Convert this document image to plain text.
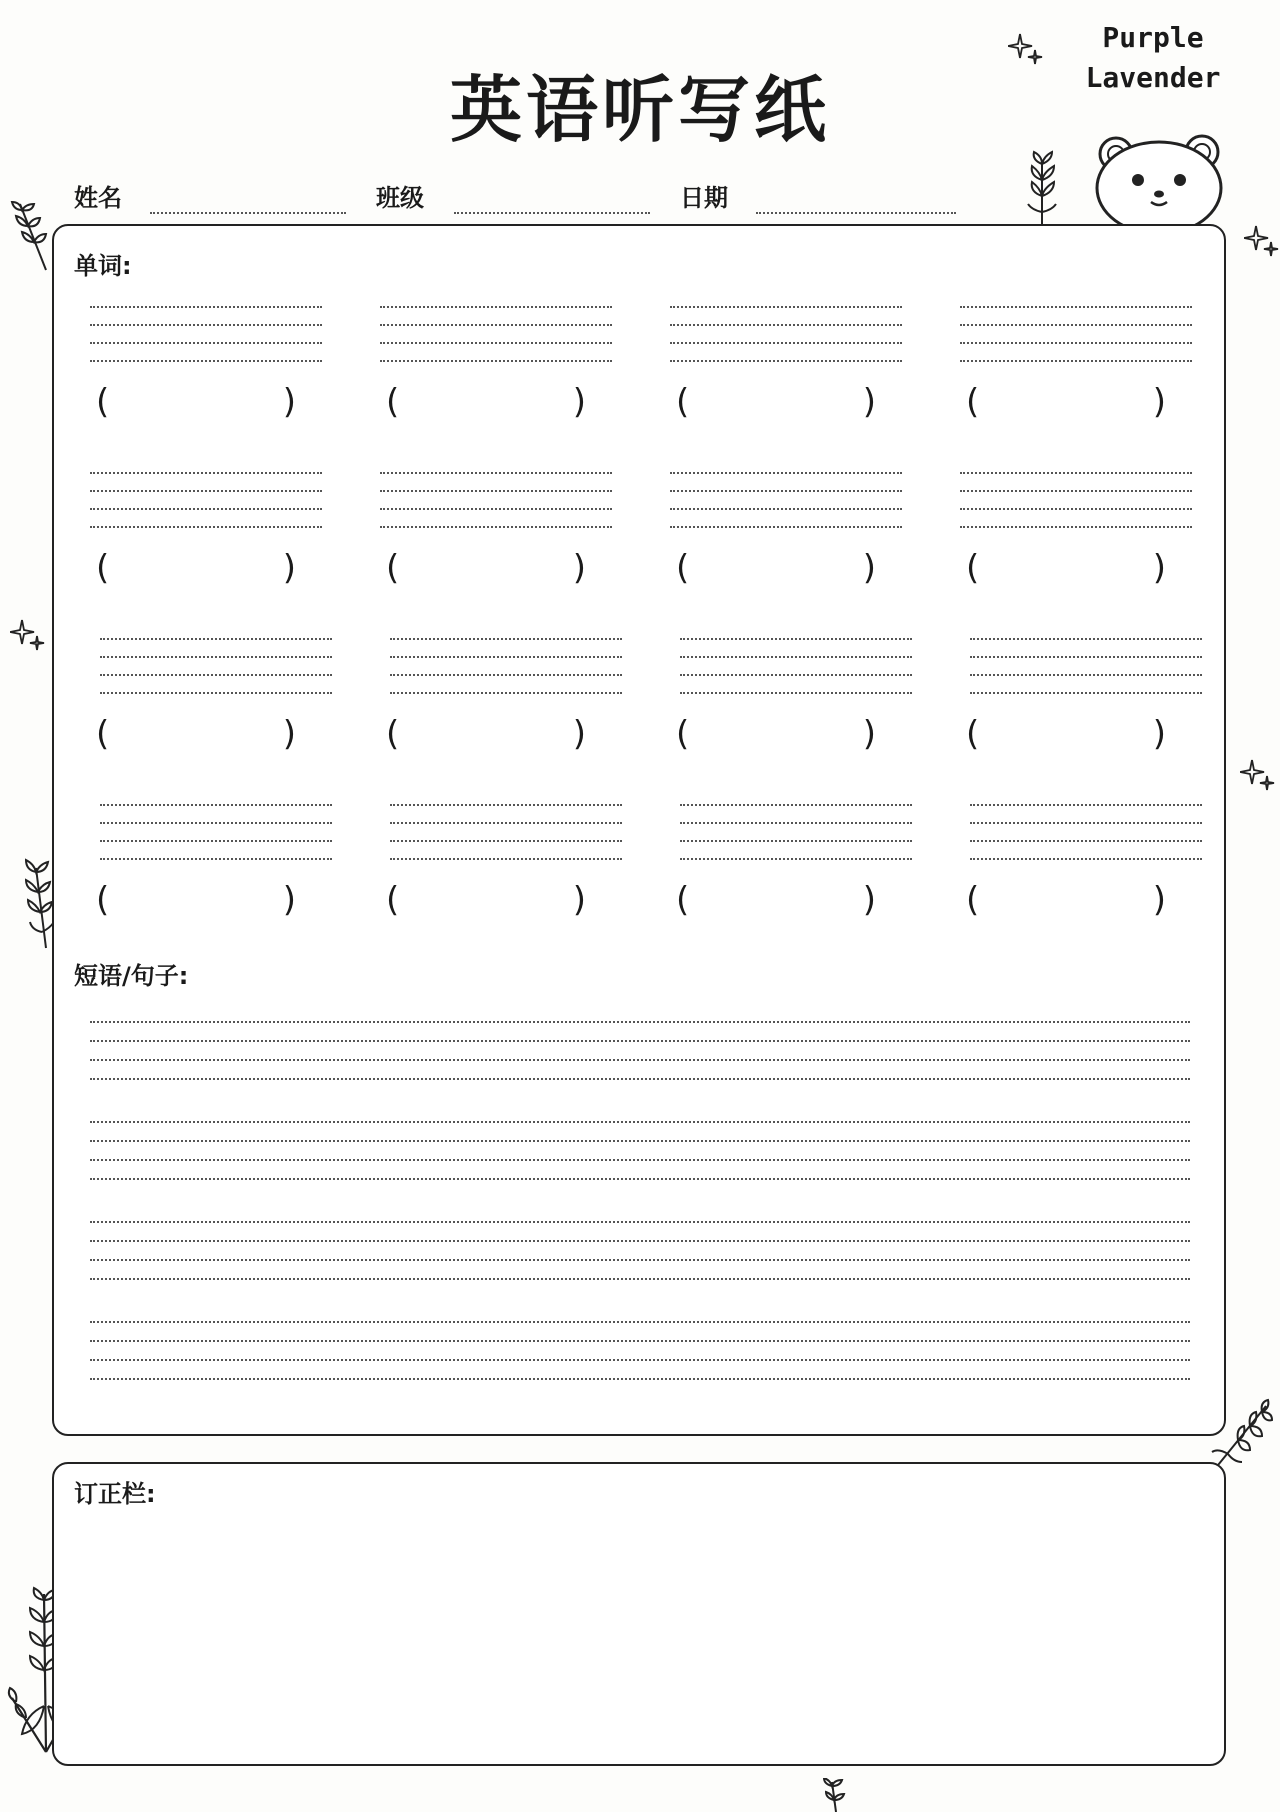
英语听写纸
Purple
Lavender
姓名	班级	日期
单词:
(	)	(	)	(	)	(	)
(	)	(	)	(	)	(	)
(	)	(	)	(	)	(	)
(	)	(	)	(	)	(	)
短语/句子:
订正栏:
